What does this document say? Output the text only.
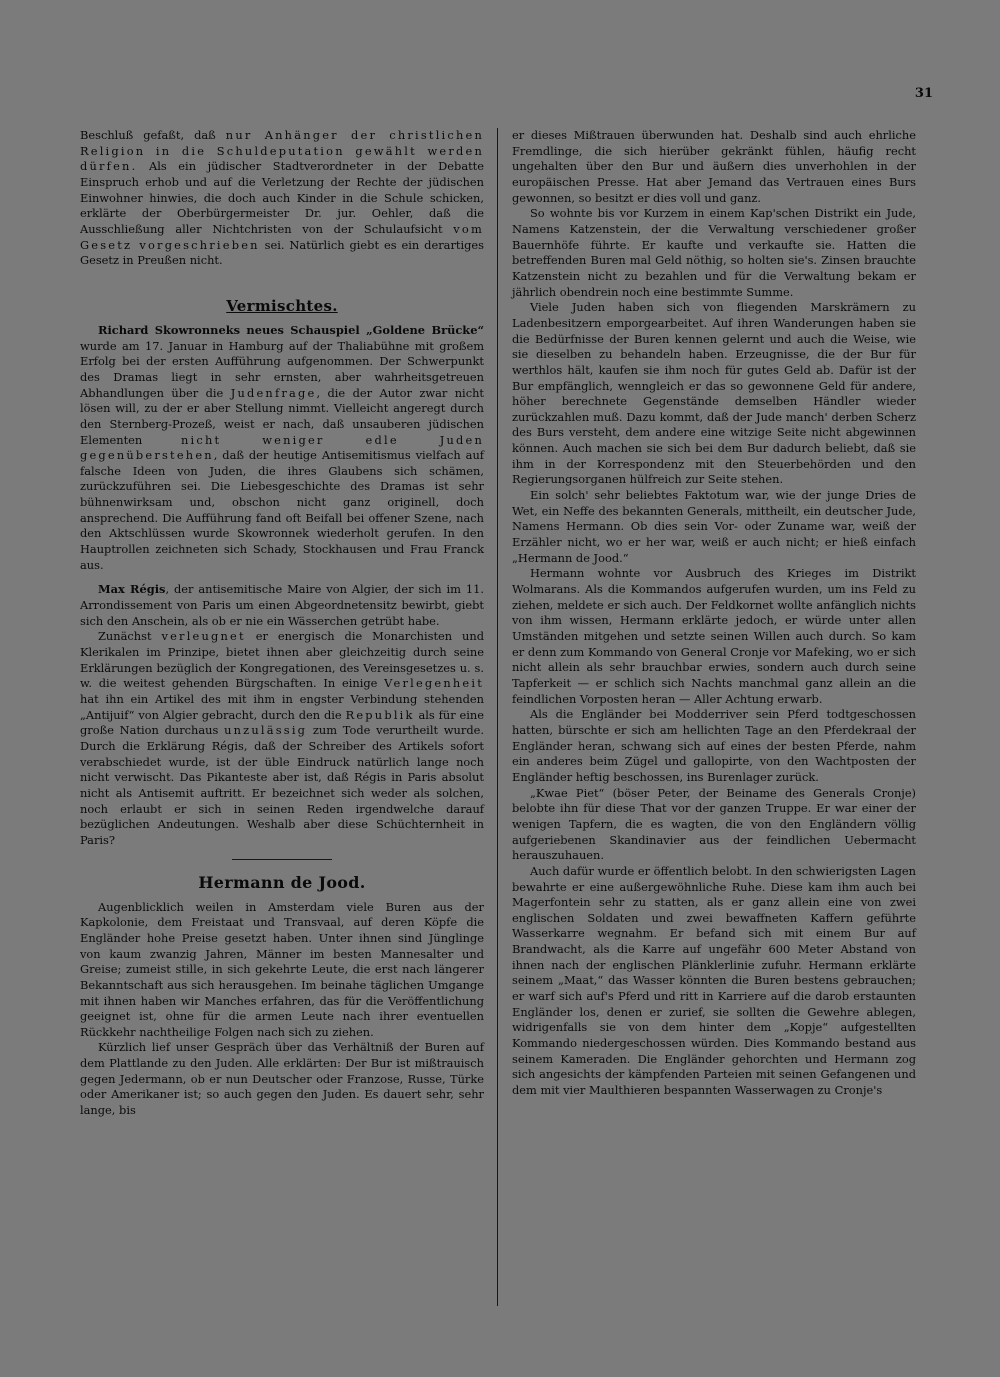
31

Beschluß gefaßt, daß nur Anhänger der christlichen Religion in die Schuldeputation gewählt werden dürfen. Als ein jüdischer Stadtverordneter in der Debatte Einspruch erhob und auf die Verletzung der Rechte der jüdischen Einwohner hinwies, die doch auch Kinder in die Schule schicken, erklärte der Oberbürgermeister Dr. jur. Oehler, daß die Ausschließung aller Nichtchristen von der Schulaufsicht vom Gesetz vorgeschrieben sei. Natürlich giebt es ein derartiges Gesetz in Preußen nicht.

Vermischtes.

Richard Skowronneks neues Schauspiel „Goldene Brücke“ wurde am 17. Januar in Hamburg auf der Thaliabühne mit großem Erfolg bei der ersten Aufführung aufgenommen. Der Schwerpunkt des Dramas liegt in sehr ernsten, aber wahrheitsgetreuen Abhandlungen über die Judenfrage, die der Autor zwar nicht lösen will, zu der er aber Stellung nimmt. Vielleicht angeregt durch den Sternberg-Prozeß, weist er nach, daß unsauberen jüdischen Elementen nicht weniger edle Juden gegenüberstehen, daß der heutige Antisemitismus vielfach auf falsche Ideen von Juden, die ihres Glaubens sich schämen, zurückzuführen sei. Die Liebesgeschichte des Dramas ist sehr bühnenwirksam und, obschon nicht ganz originell, doch ansprechend. Die Aufführung fand oft Beifall bei offener Szene, nach den Aktschlüssen wurde Skowronnek wiederholt gerufen. In den Hauptrollen zeichneten sich Schady, Stockhausen und Frau Franck aus.

Max Régis, der antisemitische Maire von Algier, der sich im 11. Arrondissement von Paris um einen Abgeordnetensitz bewirbt, giebt sich den Anschein, als ob er nie ein Wässerchen getrübt habe.

Zunächst verleugnet er energisch die Monarchisten und Klerikalen im Prinzipe, bietet ihnen aber gleichzeitig durch seine Erklärungen bezüglich der Kongregationen, des Vereinsgesetzes u. s. w. die weitest gehenden Bürgschaften. In einige Verlegenheit hat ihn ein Artikel des mit ihm in engster Verbindung stehenden „Antijuif“ von Algier gebracht, durch den die Republik als für eine große Nation durchaus unzulässig zum Tode verurtheilt wurde. Durch die Erklärung Régis, daß der Schreiber des Artikels sofort verabschiedet wurde, ist der üble Eindruck natürlich lange noch nicht verwischt. Das Pikanteste aber ist, daß Régis in Paris absolut nicht als Antisemit auftritt. Er bezeichnet sich weder als solchen, noch erlaubt er sich in seinen Reden irgendwelche darauf bezüglichen Andeutungen. Weshalb aber diese Schüchternheit in Paris?

Hermann de Jood.

Augenblicklich weilen in Amsterdam viele Buren aus der Kapkolonie, dem Freistaat und Transvaal, auf deren Köpfe die Engländer hohe Preise gesetzt haben. Unter ihnen sind Jünglinge von kaum zwanzig Jahren, Männer im besten Mannesalter und Greise; zumeist stille, in sich gekehrte Leute, die erst nach längerer Bekanntschaft aus sich herausgehen. Im beinahe täglichen Umgange mit ihnen haben wir Manches erfahren, das für die Veröffentlichung geeignet ist, ohne für die armen Leute nach ihrer eventuellen Rückkehr nachtheilige Folgen nach sich zu ziehen.

Kürzlich lief unser Gespräch über das Verhältniß der Buren auf dem Plattlande zu den Juden. Alle erklärten: Der Bur ist mißtrauisch gegen Jedermann, ob er nun Deutscher oder Franzose, Russe, Türke oder Amerikaner ist; so auch gegen den Juden. Es dauert sehr, sehr lange, bis

er dieses Mißtrauen überwunden hat. Deshalb sind auch ehrliche Fremdlinge, die sich hierüber gekränkt fühlen, häufig recht ungehalten über den Bur und äußern dies unverhohlen in der europäischen Presse. Hat aber Jemand das Vertrauen eines Burs gewonnen, so besitzt er dies voll und ganz.

So wohnte bis vor Kurzem in einem Kap'schen Distrikt ein Jude, Namens Katzenstein, der die Verwaltung verschiedener großer Bauernhöfe führte. Er kaufte und verkaufte sie. Hatten die betreffenden Buren mal Geld nöthig, so holten sie's. Zinsen brauchte Katzenstein nicht zu bezahlen und für die Verwaltung bekam er jährlich obendrein noch eine bestimmte Summe.

Viele Juden haben sich von fliegenden Marskrämern zu Ladenbesitzern emporgearbeitet. Auf ihren Wanderungen haben sie die Bedürfnisse der Buren kennen gelernt und auch die Weise, wie sie dieselben zu behandeln haben. Erzeugnisse, die der Bur für werthlos hält, kaufen sie ihm noch für gutes Geld ab. Dafür ist der Bur empfänglich, wenngleich er das so gewonnene Geld für andere, höher berechnete Gegenstände demselben Händler wieder zurückzahlen muß. Dazu kommt, daß der Jude manch' derben Scherz des Burs versteht, dem andere eine witzige Seite nicht abgewinnen können. Auch machen sie sich bei dem Bur dadurch beliebt, daß sie ihm in der Korrespondenz mit den Steuerbehörden und den Regierungsorganen hülfreich zur Seite stehen.

Ein solch' sehr beliebtes Faktotum war, wie der junge Dries de Wet, ein Neffe des bekannten Generals, mittheilt, ein deutscher Jude, Namens Hermann. Ob dies sein Vor- oder Zuname war, weiß der Erzähler nicht, wo er her war, weiß er auch nicht; er hieß einfach „Hermann de Jood.“

Hermann wohnte vor Ausbruch des Krieges im Distrikt Wolmarans. Als die Kommandos aufgerufen wurden, um ins Feld zu ziehen, meldete er sich auch. Der Feldkornet wollte anfänglich nichts von ihm wissen, Hermann erklärte jedoch, er würde unter allen Umständen mitgehen und setzte seinen Willen auch durch. So kam er denn zum Kommando von General Cronje vor Mafeking, wo er sich nicht allein als sehr brauchbar erwies, sondern auch durch seine Tapferkeit — er schlich sich Nachts manchmal ganz allein an die feindlichen Vorposten heran — Aller Achtung erwarb.

Als die Engländer bei Modderriver sein Pferd todtgeschossen hatten, bürschte er sich am hellichten Tage an den Pferdekraal der Engländer heran, schwang sich auf eines der besten Pferde, nahm ein anderes beim Zügel und gallopirte, von den Wachtposten der Engländer heftig beschossen, ins Burenlager zurück.

„Kwae Piet“ (böser Peter, der Beiname des Generals Cronje) belobte ihn für diese That vor der ganzen Truppe. Er war einer der wenigen Tapfern, die es wagten, die von den Engländern völlig aufgeriebenen Skandinavier aus der feindlichen Uebermacht herauszuhauen.

Auch dafür wurde er öffentlich belobt. In den schwierigsten Lagen bewahrte er eine außergewöhnliche Ruhe. Diese kam ihm auch bei Magerfontein sehr zu statten, als er ganz allein eine von zwei englischen Soldaten und zwei bewaffneten Kaffern geführte Wasserkarre wegnahm. Er befand sich mit einem Bur auf Brandwacht, als die Karre auf ungefähr 600 Meter Abstand von ihnen nach der englischen Plänklerlinie zufuhr. Hermann erklärte seinem „Maat,“ das Wasser könnten die Buren bestens gebrauchen; er warf sich auf's Pferd und ritt in Karriere auf die darob erstaunten Engländer los, denen er zurief, sie sollten die Gewehre ablegen, widrigenfalls sie von dem hinter dem „Kopje“ aufgestellten Kommando niedergeschossen würden. Dies Kommando bestand aus seinem Kameraden. Die Engländer gehorchten und Hermann zog sich angesichts der kämpfenden Parteien mit seinen Gefangenen und dem mit vier Maulthieren bespannten Wasserwagen zu Cronje's
